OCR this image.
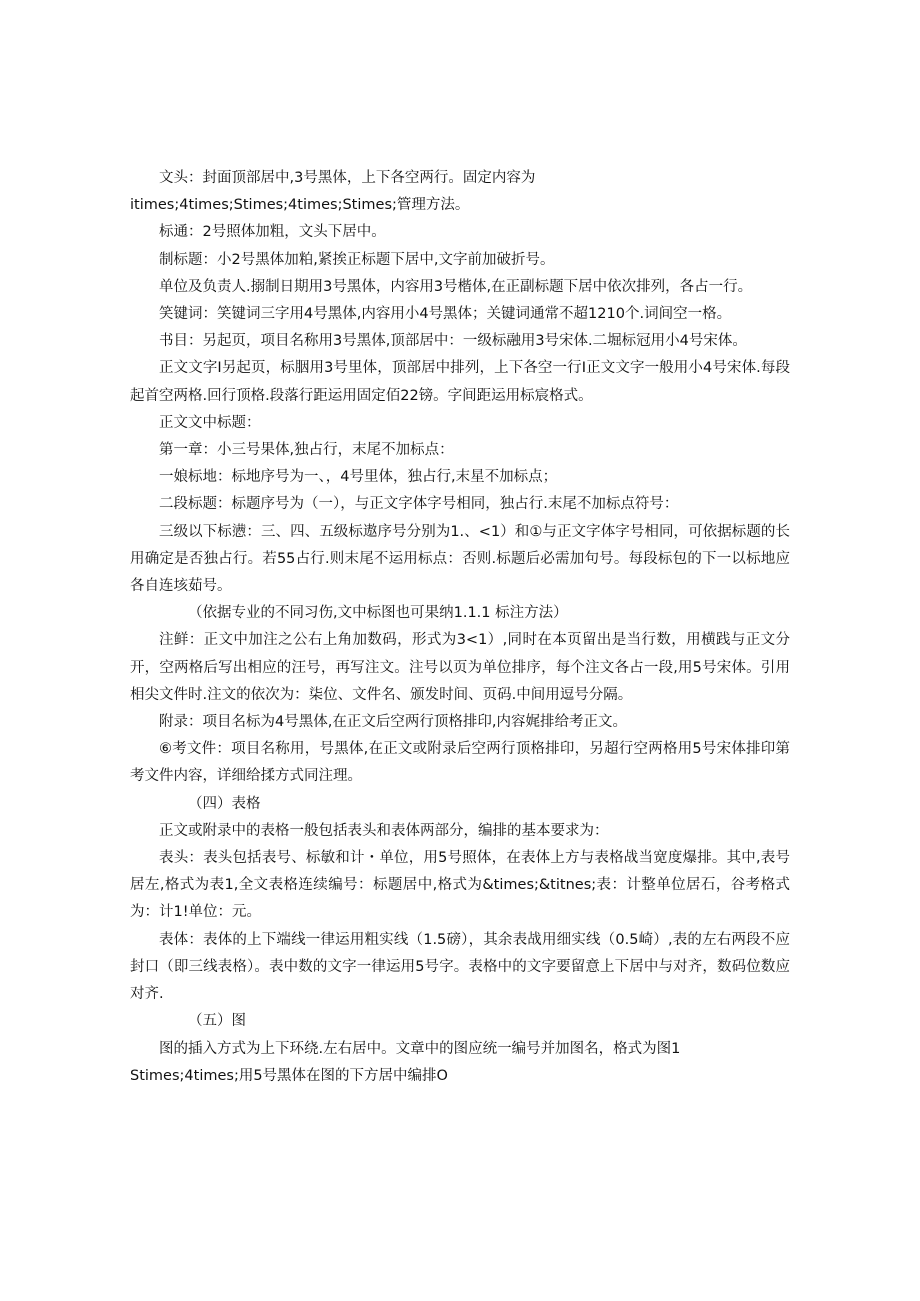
文头：封面顶部居中,3号黑体，上下各空两行。固定内容为

itimes;4times;Stimes;4times;Stimes;管理方法。

标通：2号照体加粗，文头下居中。

制标题：小2号黑体加粕,紧挨正标题下居中,文字前加破折号。

单位及负责人.搦制日期用3号黑体，内容用3号楷体,在正副标题下居中依次排列，各占一行。

笑键词：笑键词三字用4号黑体,内容用小4号黑体；关键词通常不超1210个.词间空一格。

书目：另起页，项目名称用3号黑体,顶部居中：一级标融用3号宋体.二堀标冠用小4号宋体。

正文文字I另起页，标胭用3号里体，顶部居中排列，上下各空一行I正文文字一般用小4号宋体.每段起首空两格.回行顶格.段落行距运用固定佰22镑。字间距运用标宸格式。

正文文中标题：

第一章：小三号果体,独占行，末尾不加标点：

一娘标地：标地序号为一、，4号里体，独占行,末星不加标点；

二段标题：标题序号为（一），与正文字体字号相同，独占行.末尾不加标点符号：

三级以下标懑：三、四、五级标遨序号分别为1.、<1）和①与正文字体字号相同，可依据标题的长用确定是否独占行。若55占行.则末尾不运用标点：否则.标题后必需加句号。每段标包的下一以标地应各自连垓茹号。

（依据专业的不同习伤,文中标图也可果纳1.1.1 标注方法）

注鲜：正文中加注之公右上角加数码，形式为3<1）,同时在本页留出是当行数，用横践与正文分开，空两格后写出相应的汪号，再写注文。注号以页为单位排序，每个注文各占一段,用5号宋体。引用相尖文件时.注文的依次为：柒位、文件名、颁发时间、页码.中间用逗号分隔。

附录：项目名标为4号黑体,在正文后空两行顶格排印,内容娓排给考正文。

⑥考文件：项目名称用，号黑体,在正文或附录后空两行顶格排印，另超行空两格用5号宋体排印第考文件内容，详细给揉方式同注理。

（四）表格

正文或附录中的表格一般包括表头和表体两部分，编排的基本要求为：

表头：表头包括表号、标敏和计・单位，用5号照体，在表体上方与表格战当宽度爆排。其中,表号居左,格式为表1,全文表格连续编号：标题居中,格式为&times;&titnes;表：计整单位居石，谷考格式为：计1!单位：元。

表体：表体的上下端线一律运用粗实线（1.5磅），其余表战用细实线（0.5崎）,表的左右两段不应封口（即三线表格）。表中数的文字一律运用5号字。表格中的文字要留意上下居中与对齐，数码位数应对齐.

（五）图

图的插入方式为上下环绕.左右居中。文章中的图应统一编号并加图名，格式为图1

Stimes;4times;用5号黑体在图的下方居中编排O
